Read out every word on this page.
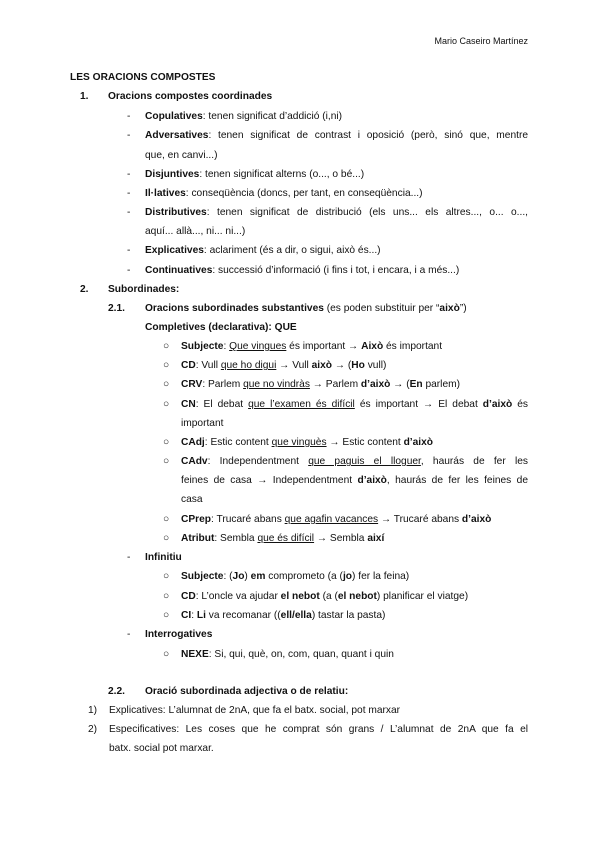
Mario Caseiro Martínez
LES ORACIONS COMPOSTES
1. Oracions compostes coordinades
- Copulatives: tenen significat d’addició (i,ni)
- Adversatives: tenen significat de contrast i oposició (però, sinó que, mentre
que, en canvi...)
- Disjuntives: tenen significat alterns (o..., o bé...)
- Il·latives: conseqüència (doncs, per tant, en conseqüència...)
- Distributives: tenen significat de distribució (els uns... els altres..., o... o...,
aquí... allà..., ni... ni...)
- Explicatives: aclariment (és a dir, o sigui, això és...)
- Continuatives: successió d’informació (i fins i tot, i encara, i a més...)
2. Subordinades:
2.1. Oracions subordinades substantives (es poden substituir per “això”)
Completives (declarativa): QUE
○ Subjecte: Que vingues és important → Això és important
○ CD: Vull que ho digui → Vull això → (Ho vull)
○ CRV: Parlem que no vindràs → Parlem d’això → (En parlem)
○ CN: El debat que l’examen és difícil és important → El debat d’això és
important
○ CAdj: Estic content que vinguès → Estic content d’això
○ CAdv: Independentment que paguis el lloguer, haurás de fer les
feines de casa → Independentment d’això, haurás de fer les feines de
casa
○ CPrep: Trucaré abans que agafin vacances → Trucaré abans d’això
○ Atribut: Sembla que és difícil → Sembla així
- Infinitiu
○ Subjecte: (Jo) em comprometo (a (jo) fer la feina)
○ CD: L’oncle va ajudar el nebot (a (el nebot) planificar el viatge)
○ CI: Li va recomanar ((ell/ella) tastar la pasta)
- Interrogatives
○ NEXE: Si, qui, què, on, com, quan, quant i quin
2.2. Oració subordinada adjectiva o de relatiu:
1) Explicatives: L’alumnat de 2nA, que fa el batx. social, pot marxar
2) Especificatives: Les coses que he comprat són grans / L’alumnat de 2nA que fa el
batx. social pot marxar.
